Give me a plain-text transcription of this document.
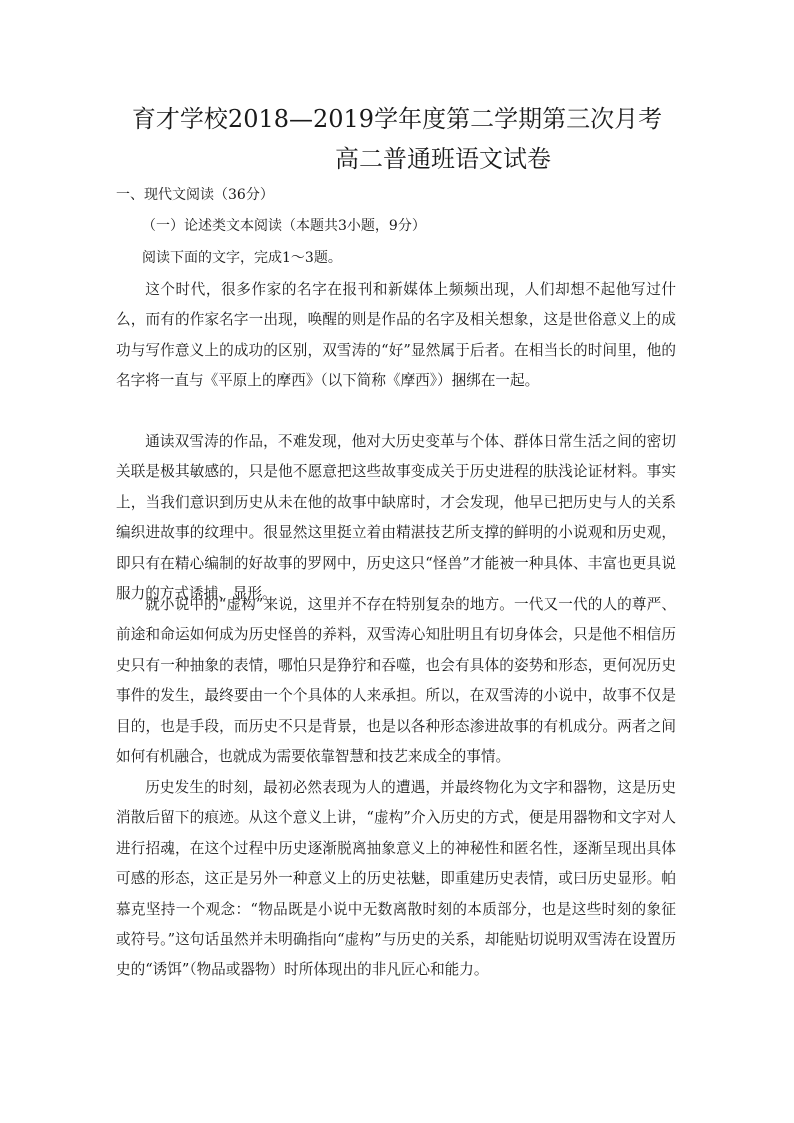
育才学校2018—2019学年度第二学期第三次月考
高二普通班语文试卷
一、现代文阅读（36分）
（一）论述类文本阅读（本题共3小题，9分）
阅读下面的文字，完成1～3题。

这个时代，很多作家的名字在报刊和新媒体上频频出现，人们却想不起他写过什么，而有的作家名字一出现，唤醒的则是作品的名字及相关想象，这是世俗意义上的成功与写作意义上的成功的区别，双雪涛的“好”显然属于后者。在相当长的时间里，他的名字将一直与《平原上的摩西》（以下简称《摩西》）捆绑在一起。

通读双雪涛的作品，不难发现，他对大历史变革与个体、群体日常生活之间的密切关联是极其敏感的，只是他不愿意把这些故事变成关于历史进程的肤浅论证材料。事实上，当我们意识到历史从未在他的故事中缺席时，才会发现，他早已把历史与人的关系编织进故事的纹理中。很显然这里挺立着由精湛技艺所支撑的鲜明的小说观和历史观，即只有在精心编制的好故事的罗网中，历史这只“怪兽”才能被一种具体、丰富也更具说服力的方式诱捕、显形。

就小说中的“虚构”来说，这里并不存在特别复杂的地方。一代又一代的人的尊严、前途和命运如何成为历史怪兽的养料，双雪涛心知肚明且有切身体会，只是他不相信历史只有一种抽象的表情，哪怕只是狰狞和吞噬，也会有具体的姿势和形态，更何况历史事件的发生，最终要由一个个具体的人来承担。所以，在双雪涛的小说中，故事不仅是目的，也是手段，而历史不只是背景，也是以各种形态渗进故事的有机成分。两者之间如何有机融合，也就成为需要依靠智慧和技艺来成全的事情。

历史发生的时刻，最初必然表现为人的遭遇，并最终物化为文字和器物，这是历史消散后留下的痕迹。从这个意义上讲，“虚构”介入历史的方式，便是用器物和文字对人进行招魂，在这个过程中历史逐渐脱离抽象意义上的神秘性和匿名性，逐渐呈现出具体可感的形态，这正是另外一种意义上的历史祛魅，即重建历史表情，或曰历史显形。帕慕克坚持一个观念：“物品既是小说中无数离散时刻的本质部分，也是这些时刻的象征或符号。”这句话虽然并未明确指向“虚构”与历史的关系，却能贴切说明双雪涛在设置历史的“诱饵”（物品或器物）时所体现出的非凡匠心和能力。
